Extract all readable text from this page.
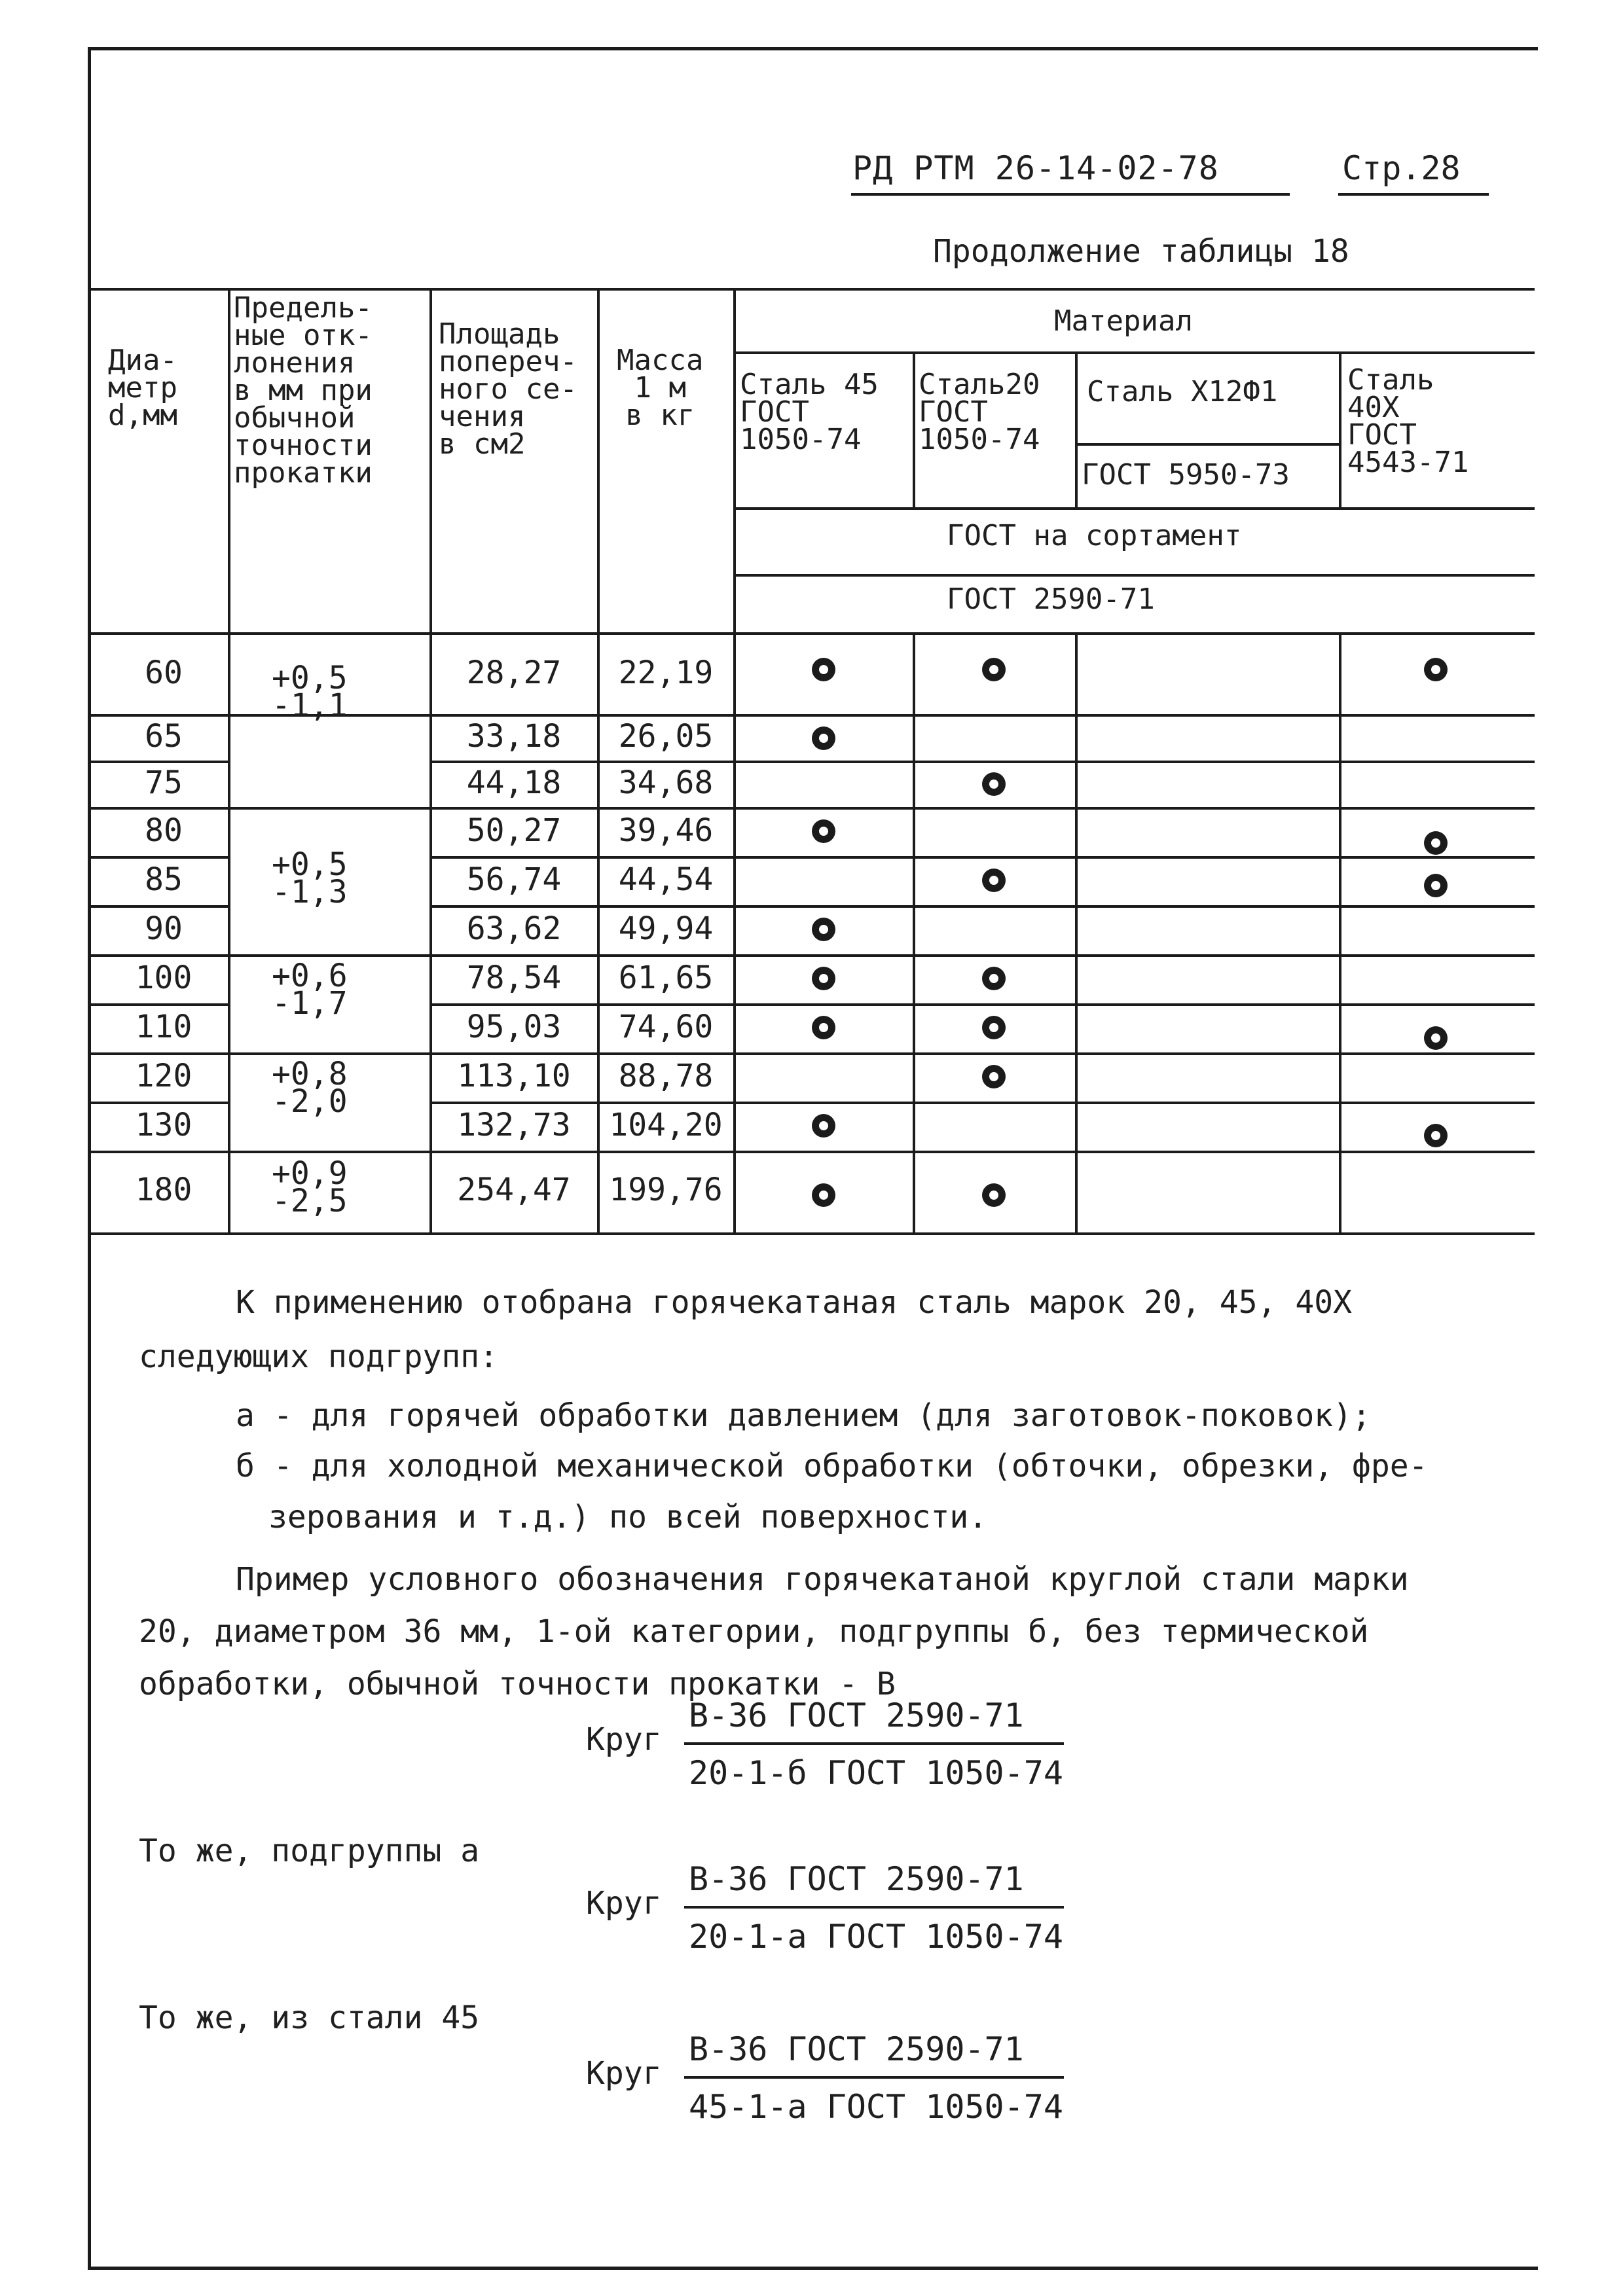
РД РТМ 26-14-02-78	Стр.28
Продолжение таблицы 18
Диа-
метр
d,мм
Предель-
ные отк-
лонения
в мм при
обычной
точности
прокатки
Площадь
попереч-
ного се-
чения
в см2
Масса
1 м
в кг
Материал
Сталь 45
ГОСТ
1050-74
Сталь20
ГОСТ
1050-74
Сталь Х12Ф1
ГОСТ 5950-73
Сталь
40Х
ГОСТ
4543-71
ГОСТ на сортамент
ГОСТ 2590-71
60
65
75
80
85
90
100
110
120
130
180
+0,5
-1,1
+0,5
-1,3
+0,6
-1,7
+0,8
-2,0
+0,9
-2,5
28,27
33,18
44,18
50,27
56,74
63,62
78,54
95,03
113,10
132,73
254,47
22,19
26,05
34,68
39,46
44,54
49,94
61,65
74,60
88,78
104,20
199,76
К применению отобрана горячекатаная сталь марок 20, 45, 40Х
следующих подгрупп:
а - для горячей обработки давлением (для заготовок-поковок);
б - для холодной механической обработки (обточки, обрезки, фре-
зерования и т.д.) по всей поверхности.
Пример условного обозначения горячекатаной круглой стали марки
20, диаметром 36 мм, 1-ой категории, подгруппы б, без термической
обработки, обычной точности прокатки - В
Круг
В-36 ГОСТ 2590-71
20-1-б ГОСТ 1050-74
То же, подгруппы а
Круг
В-36 ГОСТ 2590-71
20-1-а ГОСТ 1050-74
То же, из стали 45
Круг
В-36 ГОСТ 2590-71
45-1-а ГОСТ 1050-74
